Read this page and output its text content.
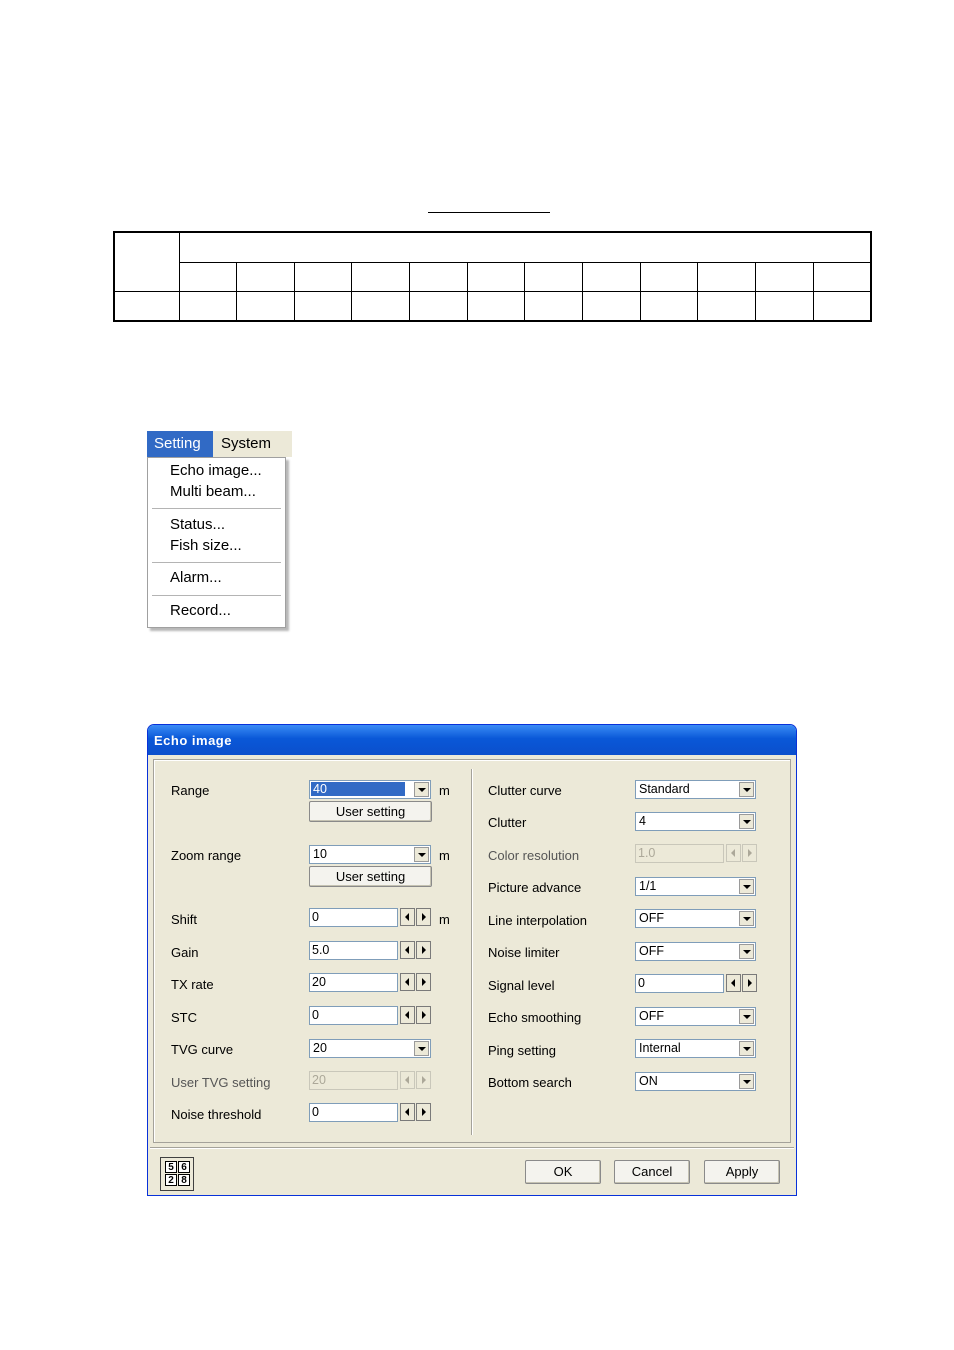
Setting	System
Echo image...
Multi beam...
Status...
Fish size...
Alarm...
Record...
Echo image
Range	40	m
User setting
Zoom range	10	m
User setting
Shift	0	m
Gain	5.0
TX rate	20
STC	0
TVG curve	20
User TVG setting	20
Noise threshold	0
Clutter curve	Standard
Clutter	4
Color resolution	1.0
Picture advance	1/1
Line interpolation	OFF
Noise limiter	OFF
Signal level	0
Echo smoothing	OFF
Ping setting	Internal
Bottom search	ON
5 6
2 8
OK	Cancel	Apply
